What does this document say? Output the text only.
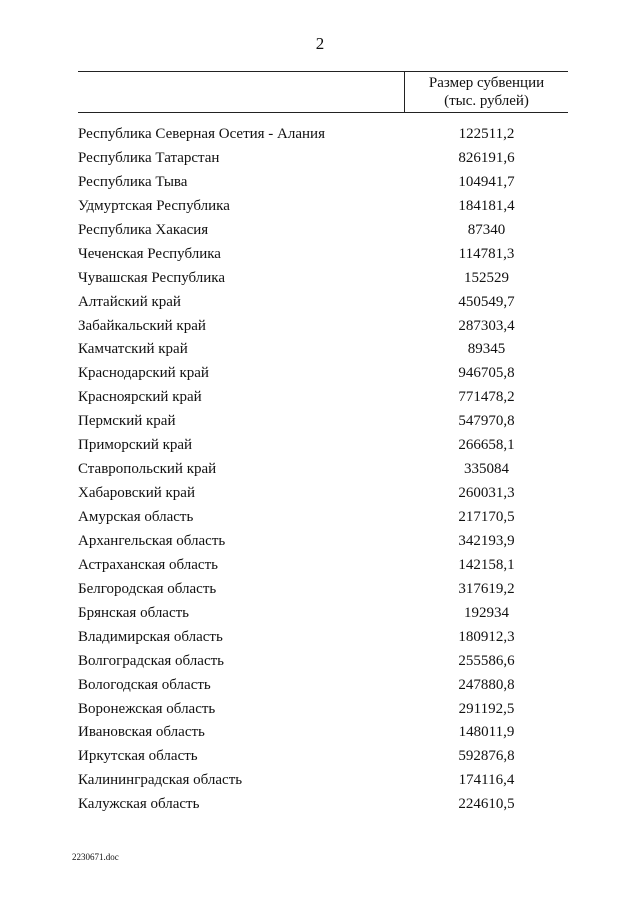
2
Размер субвенции
(тыс. рублей)
Республика Северная Осетия - Алания	122511,2
Республика Татарстан	826191,6
Республика Тыва	104941,7
Удмуртская Республика	184181,4
Республика Хакасия	87340
Чеченская Республика	114781,3
Чувашская Республика	152529
Алтайский край	450549,7
Забайкальский край	287303,4
Камчатский край	89345
Краснодарский край	946705,8
Красноярский край	771478,2
Пермский край	547970,8
Приморский край	266658,1
Ставропольский край	335084
Хабаровский край	260031,3
Амурская область	217170,5
Архангельская область	342193,9
Астраханская область	142158,1
Белгородская область	317619,2
Брянская область	192934
Владимирская область	180912,3
Волгоградская область	255586,6
Вологодская область	247880,8
Воронежская область	291192,5
Ивановская область	148011,9
Иркутская область	592876,8
Калининградская область	174116,4
Калужская область	224610,5
2230671.doc
